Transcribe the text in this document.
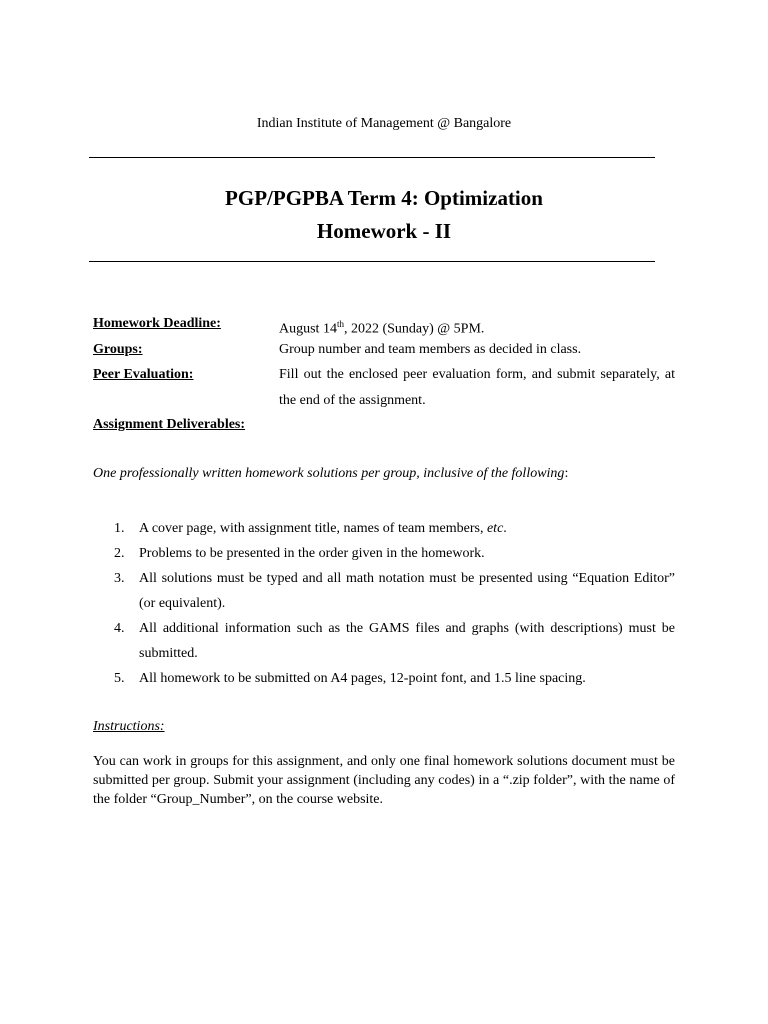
Indian Institute of Management @ Bangalore
PGP/PGPBA Term 4: Optimization
Homework - II
Homework Deadline:	August 14th, 2022 (Sunday) @ 5PM.
Groups:	Group number and team members as decided in class.
Peer Evaluation:	Fill out the enclosed peer evaluation form, and submit separately, at the end of the assignment.
Assignment Deliverables:
One professionally written homework solutions per group, inclusive of the following:
1. A cover page, with assignment title, names of team members, etc.
2. Problems to be presented in the order given in the homework.
3. All solutions must be typed and all math notation must be presented using “Equation Editor” (or equivalent).
4. All additional information such as the GAMS files and graphs (with descriptions) must be submitted.
5. All homework to be submitted on A4 pages, 12-point font, and 1.5 line spacing.
Instructions:
You can work in groups for this assignment, and only one final homework solutions document must be submitted per group. Submit your assignment (including any codes) in a “.zip folder”, with the name of the folder “Group_Number”, on the course website.
